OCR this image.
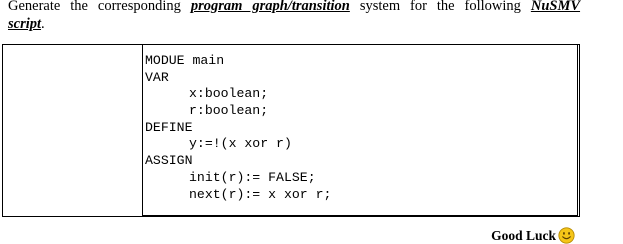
Generate the corresponding program graph/transition system for the following NuSMV
script.
MODUE main
VAR
x:boolean;
r:boolean;
DEFINE
y:=!(x xor r)
ASSIGN
init(r):= FALSE;
next(r):= x xor r;
Good Luck
